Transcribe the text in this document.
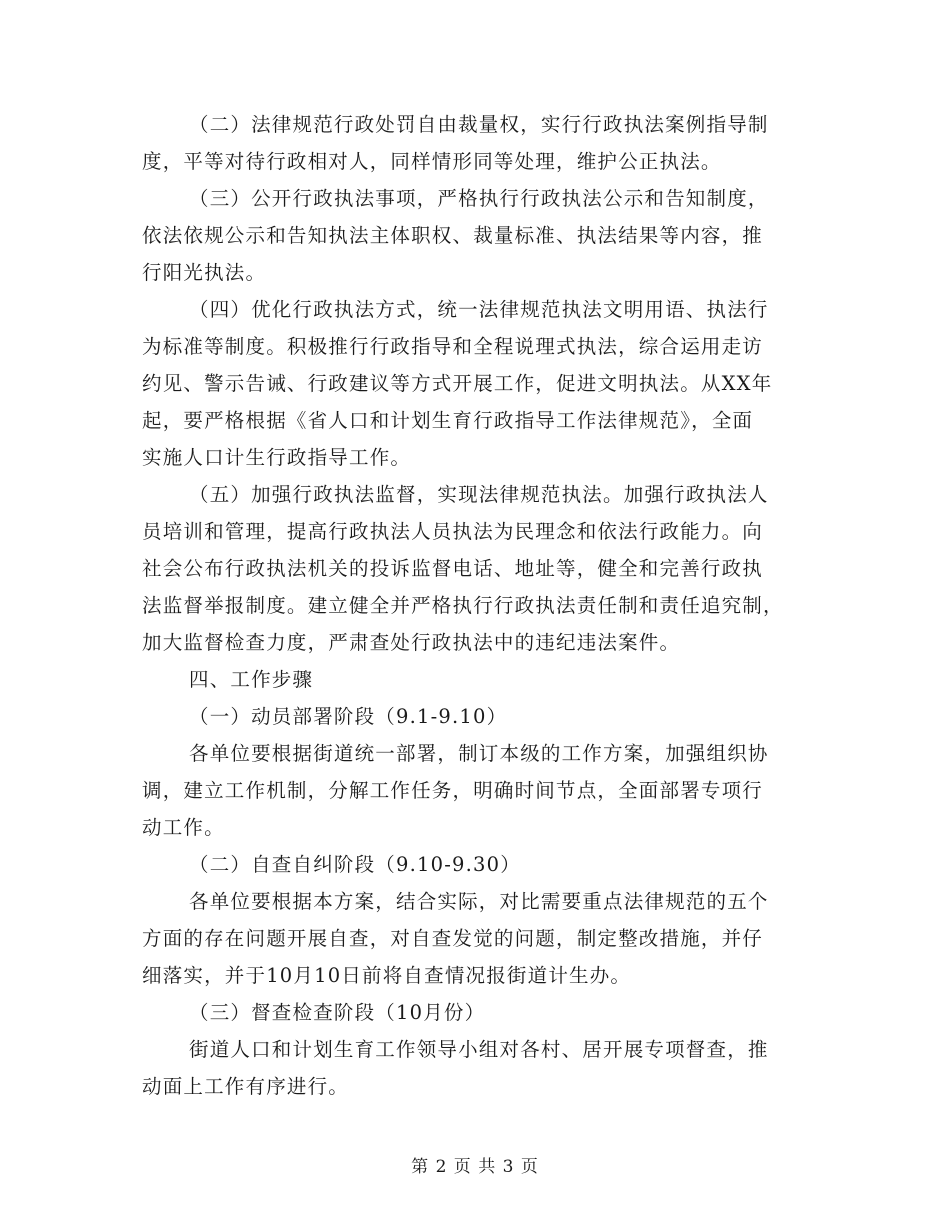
（二）法律规范行政处罚自由裁量权，实行行政执法案例指导制
度，平等对待行政相对人，同样情形同等处理，维护公正执法。
（三）公开行政执法事项，严格执行行政执法公示和告知制度，
依法依规公示和告知执法主体职权、裁量标准、执法结果等内容，推
行阳光执法。
（四）优化行政执法方式，统一法律规范执法文明用语、执法行
为标准等制度。积极推行行政指导和全程说理式执法，综合运用走访
约见、警示告诫、行政建议等方式开展工作，促进文明执法。从XX年
起，要严格根据《省人口和计划生育行政指导工作法律规范》，全面
实施人口计生行政指导工作。
（五）加强行政执法监督，实现法律规范执法。加强行政执法人
员培训和管理，提高行政执法人员执法为民理念和依法行政能力。向
社会公布行政执法机关的投诉监督电话、地址等，健全和完善行政执
法监督举报制度。建立健全并严格执行行政执法责任制和责任追究制，
加大监督检查力度，严肃查处行政执法中的违纪违法案件。
四、工作步骤
（一）动员部署阶段（9.1-9.10）
各单位要根据街道统一部署，制订本级的工作方案，加强组织协
调，建立工作机制，分解工作任务，明确时间节点，全面部署专项行
动工作。
（二）自查自纠阶段（9.10-9.30）
各单位要根据本方案，结合实际，对比需要重点法律规范的五个
方面的存在问题开展自查，对自查发觉的问题，制定整改措施，并仔
细落实，并于10月10日前将自查情况报街道计生办。
（三）督查检查阶段（10月份）
街道人口和计划生育工作领导小组对各村、居开展专项督查，推
动面上工作有序进行。
第 2 页 共 3 页
